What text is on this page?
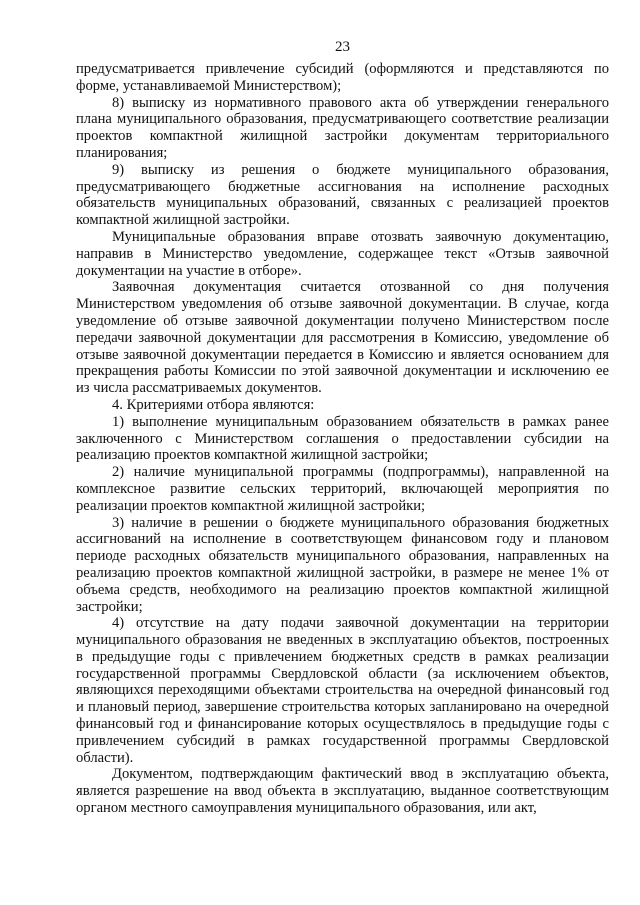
23

предусматривается привлечение субсидий (оформляются и представляются по форме, устанавливаемой Министерством);

8) выписку из нормативного правового акта об утверждении генерального плана муниципального образования, предусматривающего соответствие реализации проектов компактной жилищной застройки документам территориального планирования;

9) выписку из решения о бюджете муниципального образования, предусматривающего бюджетные ассигнования на исполнение расходных обязательств муниципальных образований, связанных с реализацией проектов компактной жилищной застройки.

Муниципальные образования вправе отозвать заявочную документацию, направив в Министерство уведомление, содержащее текст «Отзыв заявочной документации на участие в отборе».

Заявочная документация считается отозванной со дня получения Министерством уведомления об отзыве заявочной документации. В случае, когда уведомление об отзыве заявочной документации получено Министерством после передачи заявочной документации для рассмотрения в Комиссию, уведомление об отзыве заявочной документации передается в Комиссию и является основанием для прекращения работы Комиссии по этой заявочной документации и исключению ее из числа рассматриваемых документов.

4. Критериями отбора являются:

1) выполнение муниципальным образованием обязательств в рамках ранее заключенного с Министерством соглашения о предоставлении субсидии на реализацию проектов компактной жилищной застройки;

2) наличие муниципальной программы (подпрограммы), направленной на комплексное развитие сельских территорий, включающей мероприятия по реализации проектов компактной жилищной застройки;

3) наличие в решении о бюджете муниципального образования бюджетных ассигнований на исполнение в соответствующем финансовом году и плановом периоде расходных обязательств муниципального образования, направленных на реализацию проектов компактной жилищной застройки, в размере не менее 1% от объема средств, необходимого на реализацию проектов компактной жилищной застройки;

4) отсутствие на дату подачи заявочной документации на территории муниципального образования не введенных в эксплуатацию объектов, построенных в предыдущие годы с привлечением бюджетных средств в рамках реализации государственной программы Свердловской области (за исключением объектов, являющихся переходящими объектами строительства на очередной финансовый год и плановый период, завершение строительства которых запланировано на очередной финансовый год и финансирование которых осуществлялось в предыдущие годы с привлечением субсидий в рамках государственной программы Свердловской области).

Документом, подтверждающим фактический ввод в эксплуатацию объекта, является разрешение на ввод объекта в эксплуатацию, выданное соответствующим органом местного самоуправления муниципального образования, или акт,
